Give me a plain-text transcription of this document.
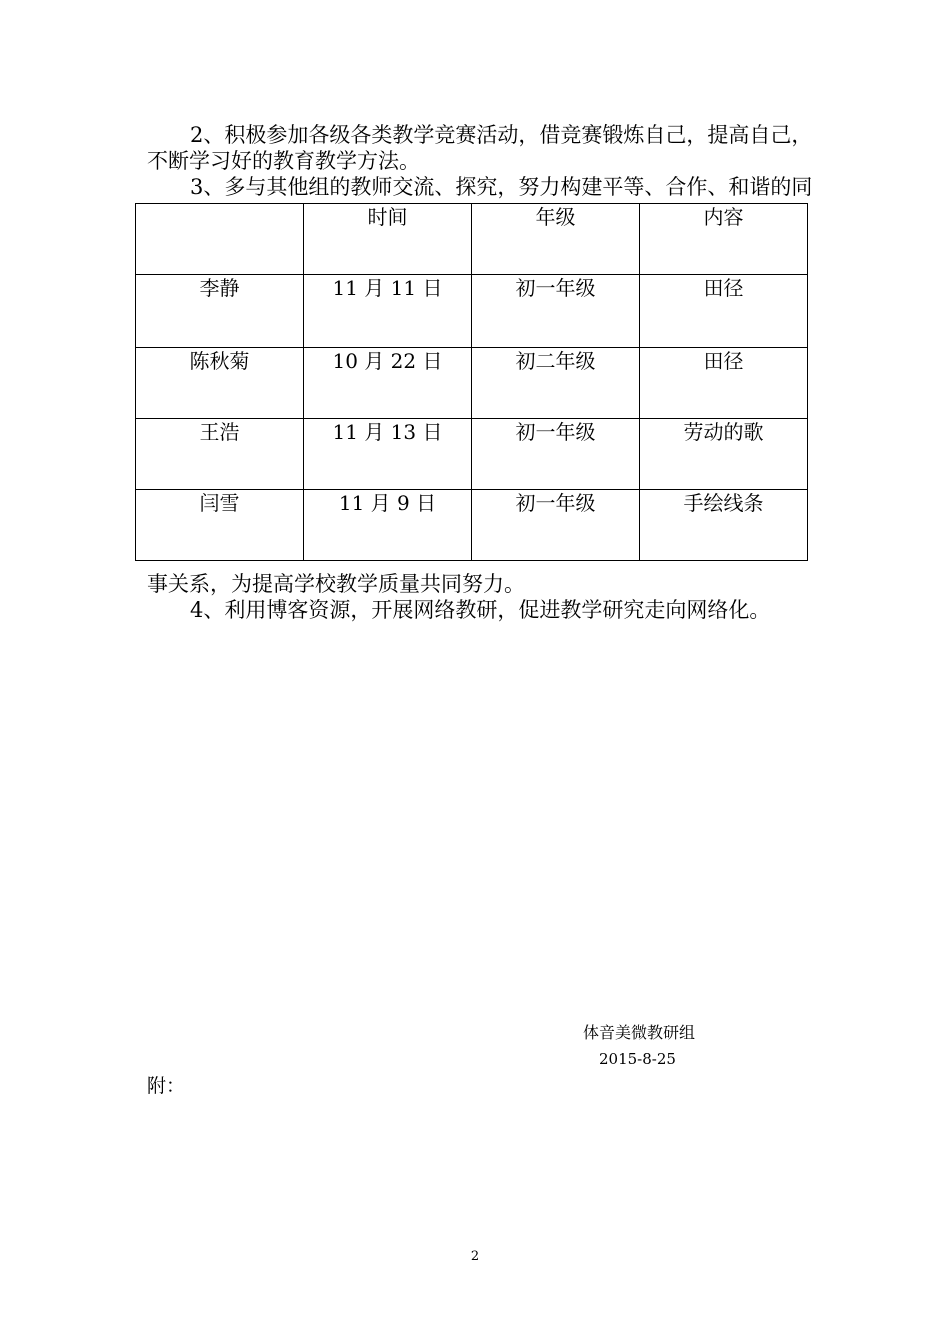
2、积极参加各级各类教学竞赛活动，借竞赛锻炼自己，提高自己，
不断学习好的教育教学方法。
3、多与其他组的教师交流、探究，努力构建平等、合作、和谐的同
	时间	年级	内容
李静	11 月 11 日	初一年级	田径
陈秋菊	10 月 22 日	初二年级	田径
王浩	11 月 13 日	初一年级	劳动的歌
闫雪	11 月 9 日	初一年级	手绘线条
事关系，为提高学校教学质量共同努力。
4、利用博客资源，开展网络教研，促进教学研究走向网络化。
体音美微教研组
2015-8-25
附：
2
